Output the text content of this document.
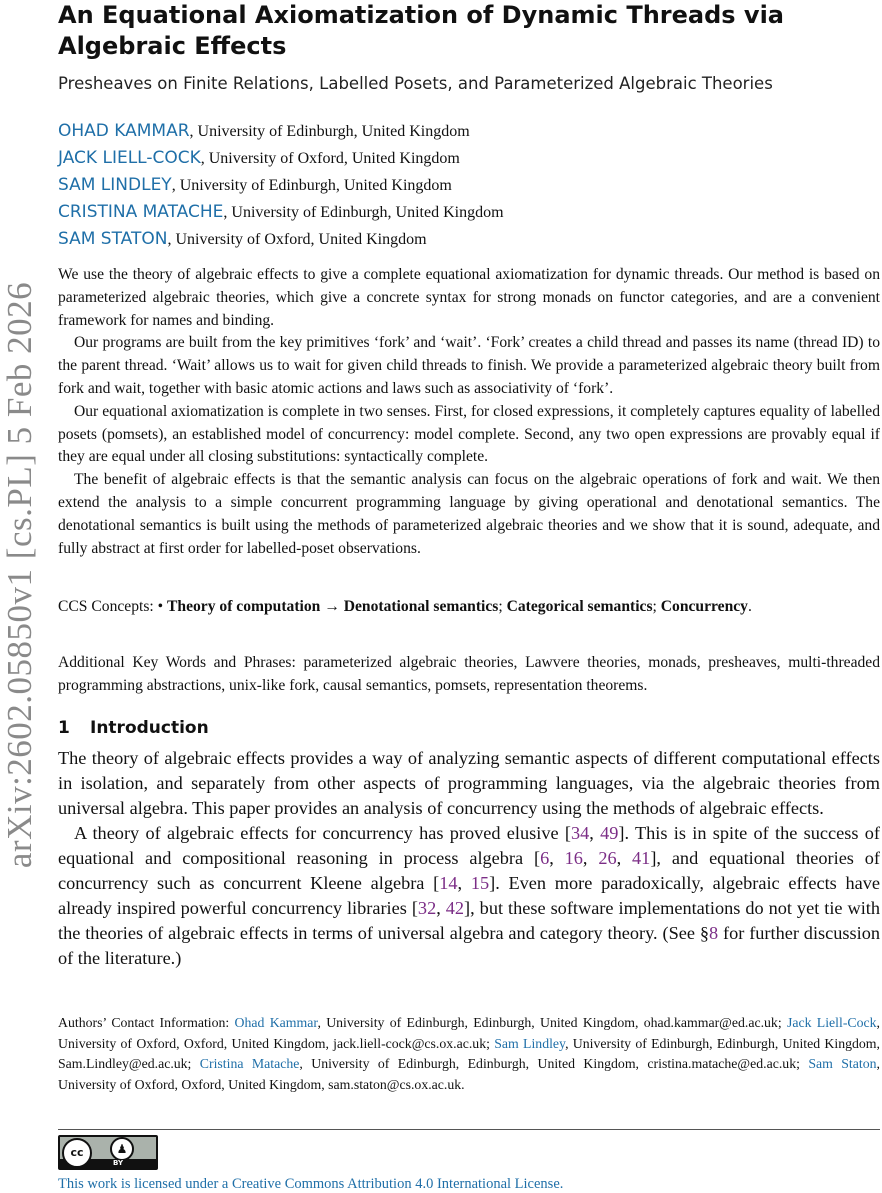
arXiv:2602.05850v1 [cs.PL] 5 Feb 2026
An Equational Axiomatization of Dynamic Threads via Algebraic Effects
Presheaves on Finite Relations, Labelled Posets, and Parameterized Algebraic Theories
OHAD KAMMAR, University of Edinburgh, United Kingdom
JACK LIELL-COCK, University of Oxford, United Kingdom
SAM LINDLEY, University of Edinburgh, United Kingdom
CRISTINA MATACHE, University of Edinburgh, United Kingdom
SAM STATON, University of Oxford, United Kingdom

We use the theory of algebraic effects to give a complete equational axiomatization for dynamic threads. Our method is based on parameterized algebraic theories, which give a concrete syntax for strong monads on functor categories, and are a convenient framework for names and binding.

Our programs are built from the key primitives ‘fork’ and ‘wait’. ‘Fork’ creates a child thread and passes its name (thread ID) to the parent thread. ‘Wait’ allows us to wait for given child threads to finish. We provide a parameterized algebraic theory built from fork and wait, together with basic atomic actions and laws such as associativity of ‘fork’.

Our equational axiomatization is complete in two senses. First, for closed expressions, it completely captures equality of labelled posets (pomsets), an established model of concurrency: model complete. Second, any two open expressions are provably equal if they are equal under all closing substitutions: syntactically complete.

The benefit of algebraic effects is that the semantic analysis can focus on the algebraic operations of fork and wait. We then extend the analysis to a simple concurrent programming language by giving operational and denotational semantics. The denotational semantics is built using the methods of parameterized algebraic theories and we show that it is sound, adequate, and fully abstract at first order for labelled-poset observations.

CCS Concepts: • Theory of computation → Denotational semantics; Categorical semantics; Concurrency.
Additional Key Words and Phrases: parameterized algebraic theories, Lawvere theories, monads, presheaves, multi-threaded programming abstractions, unix-like fork, causal semantics, pomsets, representation theorems.
1 Introduction

The theory of algebraic effects provides a way of analyzing semantic aspects of different computational effects in isolation, and separately from other aspects of programming languages, via the algebraic theories from universal algebra. This paper provides an analysis of concurrency using the methods of algebraic effects.

A theory of algebraic effects for concurrency has proved elusive [34, 49]. This is in spite of the success of equational and compositional reasoning in process algebra [6, 16, 26, 41], and equational theories of concurrency such as concurrent Kleene algebra [14, 15]. Even more paradoxically, algebraic effects have already inspired powerful concurrency libraries [32, 42], but these software implementations do not yet tie with the theories of algebraic effects in terms of universal algebra and category theory. (See §8 for further discussion of the literature.)

Authors’ Contact Information: Ohad Kammar, University of Edinburgh, Edinburgh, United Kingdom, ohad.kammar@ed.ac.uk; Jack Liell-Cock, University of Oxford, Oxford, United Kingdom, jack.liell-cock@cs.ox.ac.uk; Sam Lindley, University of Edinburgh, Edinburgh, United Kingdom, Sam.Lindley@ed.ac.uk; Cristina Matache, University of Edinburgh, Edinburgh, United Kingdom, cristina.matache@ed.ac.uk; Sam Staton, University of Oxford, Oxford, United Kingdom, sam.staton@cs.ox.ac.uk.
cc	♟
BY
This work is licensed under a Creative Commons Attribution 4.0 International License.
